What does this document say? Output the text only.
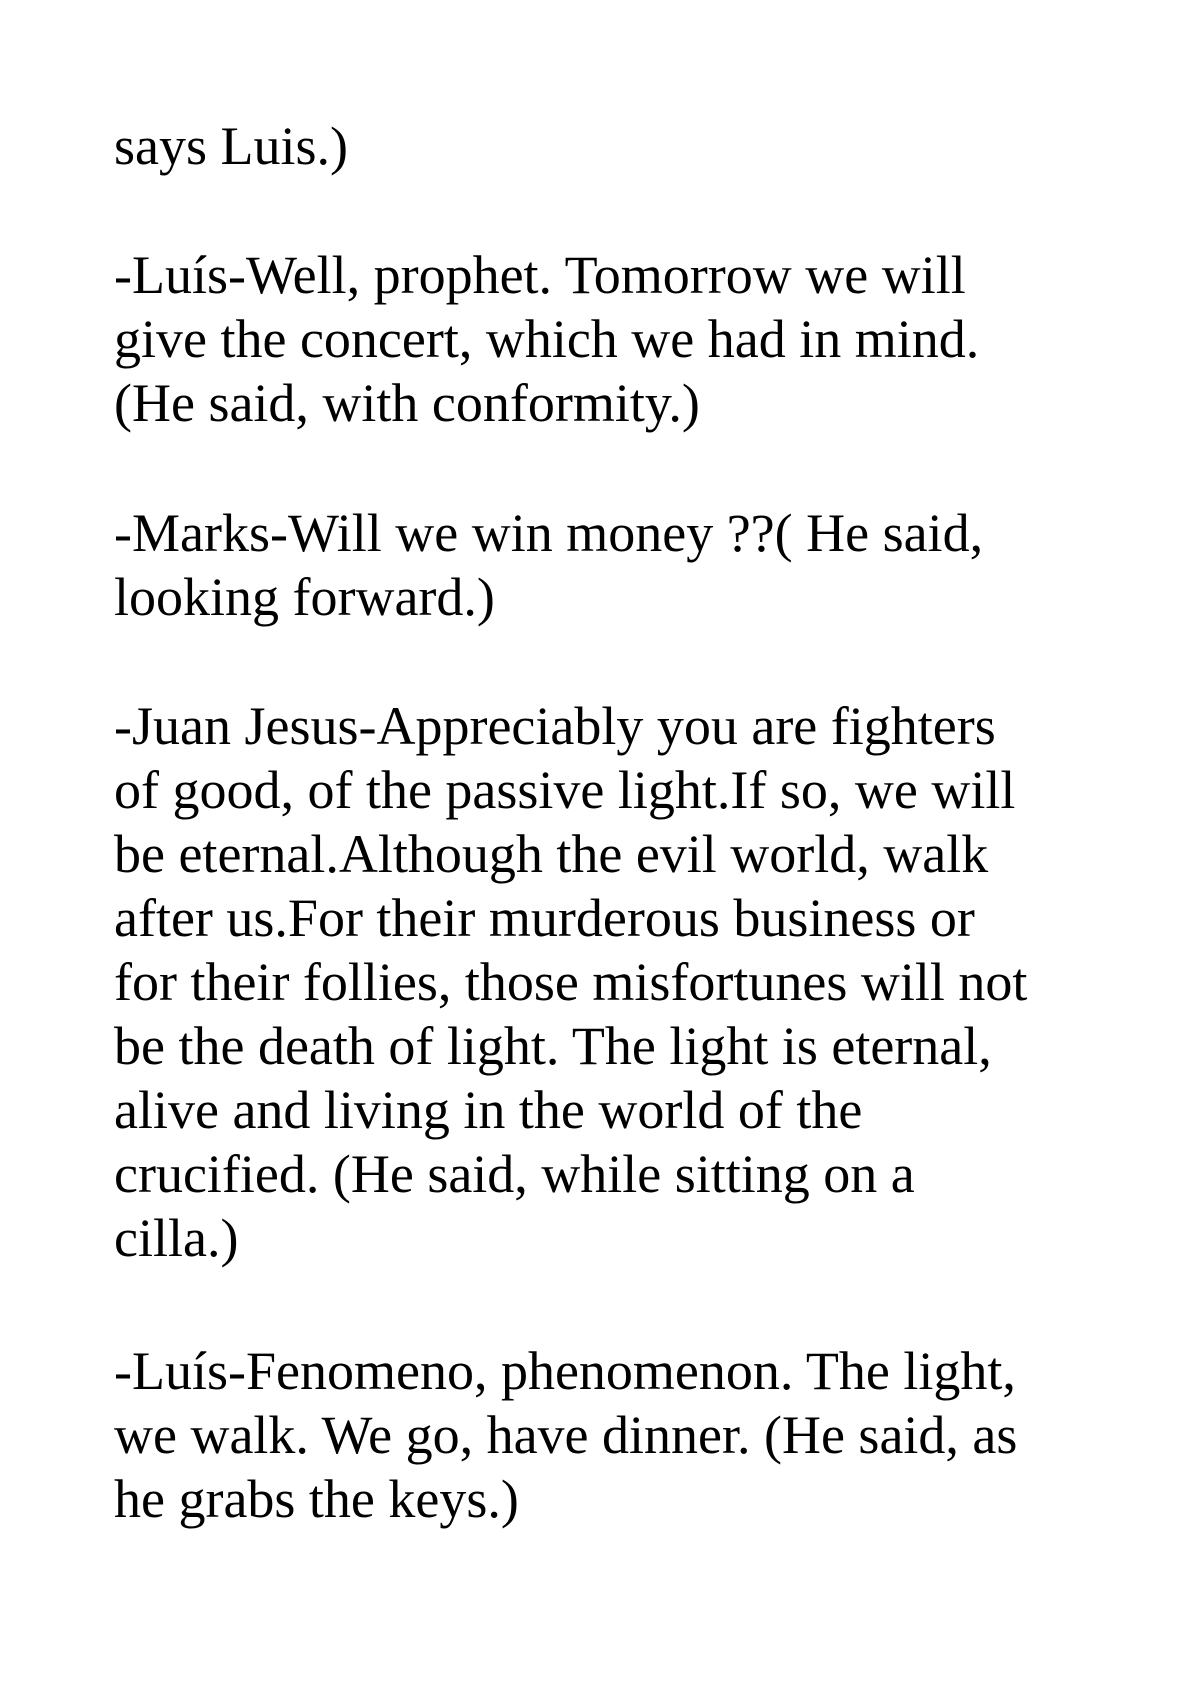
says Luis.)
-Luís-Well, prophet. Tomorrow we will
give the concert, which we had in mind.
(He said, with conformity.)
-Marks-Will we win money ??( He said,
looking forward.)
-Juan Jesus-Appreciably you are fighters
of good, of the passive light.If so, we will
be eternal.Although the evil world, walk
after us.For their murderous business or
for their follies, those misfortunes will not
be the death of light. The light is eternal,
alive and living in the world of the
crucified. (He said, while sitting on a
cilla.)
-Luís-Fenomeno, phenomenon. The light,
we walk. We go, have dinner. (He said, as
he grabs the keys.)
